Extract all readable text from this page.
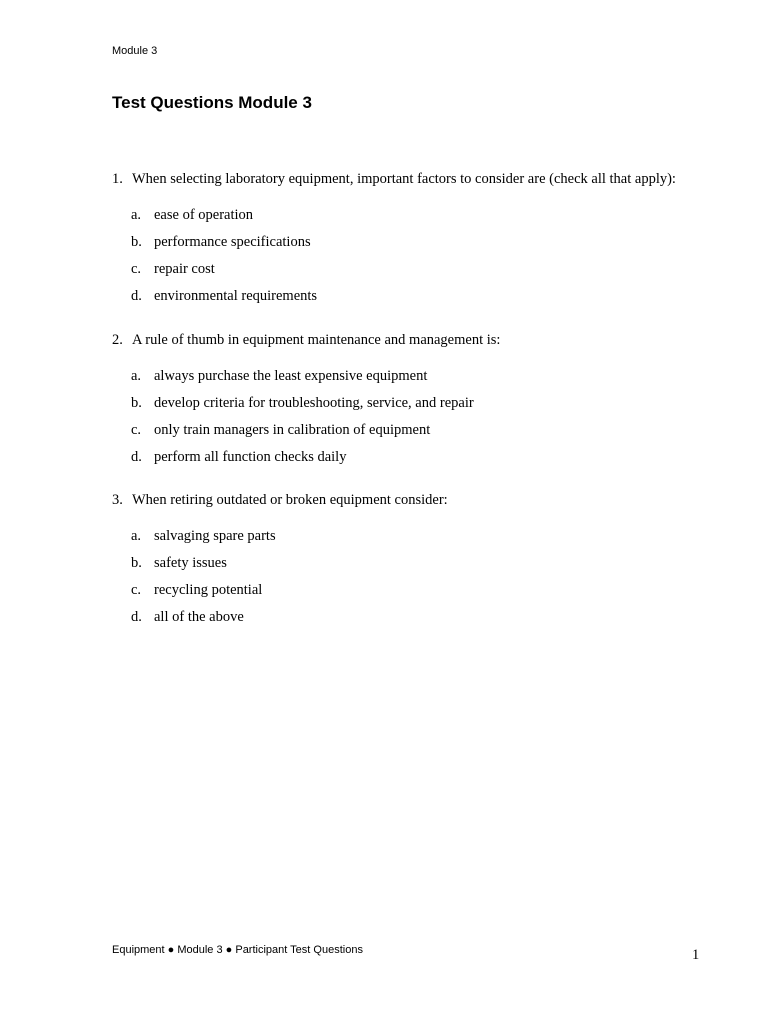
Module 3
Test Questions Module 3
1. When selecting laboratory equipment, important factors to consider are (check all that apply):
a. ease of operation
b. performance specifications
c. repair cost
d. environmental requirements
2. A rule of thumb in equipment maintenance and management is:
a. always purchase the least expensive equipment
b. develop criteria for troubleshooting, service, and repair
c. only train managers in calibration of equipment
d. perform all function checks daily
3. When retiring outdated or broken equipment consider:
a. salvaging spare parts
b. safety issues
c. recycling potential
d. all of the above
Equipment ● Module 3 ● Participant Test Questions	1
